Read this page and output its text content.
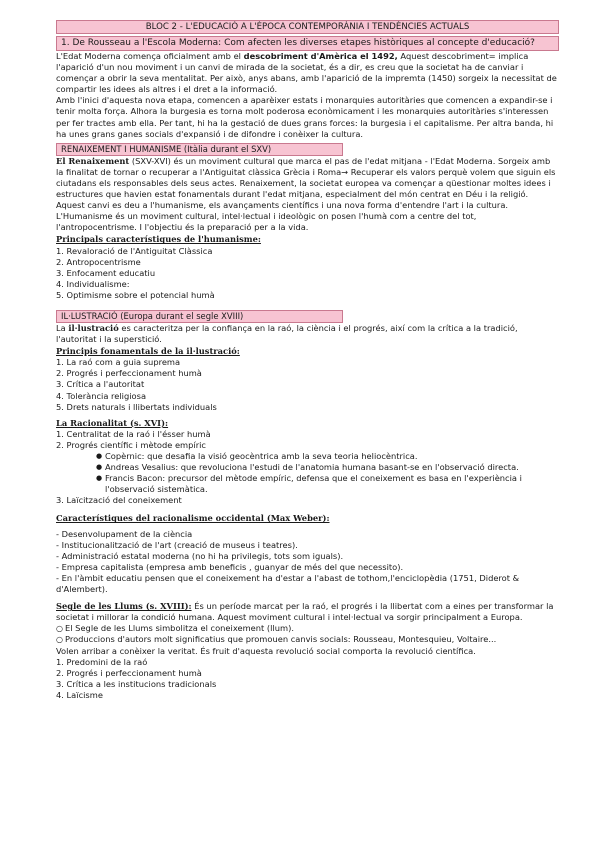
BLOC 2 - L'EDUCACIÓ A L'ÈPOCA CONTEMPORÀNIA I TENDÈNCIES ACTUALS
1. De Rousseau a l'Escola Moderna: Com afecten les diverses etapes històriques al concepte d'educació?

L'Edat Moderna comença oficialment amb el descobriment d'Amèrica el 1492, Aquest descobriment= implica l'aparició d'un nou moviment i un canvi de mirada de la societat, és a dir, es creu que la societat ha de canviar i començar a obrir la seva mentalitat. Per això, anys abans, amb l'aparició de la impremta (1450) sorgeix la necessitat de compartir les idees als altres i el dret a la informació.

Amb l'inici d'aquesta nova etapa, comencen a aparèixer estats i monarquies autoritàries que comencen a expandir-se i tenir molta força. Alhora la burgesia es torna molt poderosa econòmicament i les monarquies autoritàries s'interessen per fer tractes amb ella. Per tant, hi ha la gestació de dues grans forces: la burgesia i el capitalisme. Per altra banda, hi ha unes grans ganes socials d'expansió i de difondre i conèixer la cultura.

RENAIXEMENT I HUMANISME (Itàlia durant el SXV)

El Renaixement (SXV-XVI) és un moviment cultural que marca el pas de l'edat mitjana - l'Edat Moderna. Sorgeix amb la finalitat de tornar o recuperar a l'Antiguitat clàssica Grècia i Roma→ Recuperar els valors perquè volem que siguin els ciutadans els responsables dels seus actes. Renaixement, la societat europea va començar a qüestionar moltes idees i estructures que havien estat fonamentals durant l'edat mitjana, especialment del món centrat en Déu i la religió. Aquest canvi es deu a l'humanisme, els avançaments científics i una nova forma d'entendre l'art i la cultura. L'Humanisme és un moviment cultural, intel·lectual i ideològic on posen l'humà com a centre del tot, l'antropocentrisme. I l'objectiu és la preparació per a la vida.

Principals característiques de l'humanisme:

1. Revaloració de l'Antiguitat Clàssica
2. Antropocentrisme
3. Enfocament educatiu
4. Individualisme:
5. Optimisme sobre el potencial humà
IL·LUSTRACIÓ (Europa durant el segle XVIII)

La il·lustració es caracteritza per la confiança en la raó, la ciència i el progrés, així com la crítica a la tradició, l'autoritat i la superstició.

Principis fonamentals de la il·lustració:

1. La raó com a guia suprema
2. Progrés i perfeccionament humà
3. Crítica a l'autoritat
4. Tolerància religiosa
5. Drets naturals i llibertats individuals

La Racionalitat (s. XVI):

1. Centralitat de la raó i l'ésser humà
2. Progrés científic i mètode empíric
● Copèrnic: que desafia la visió geocèntrica amb la seva teoria heliocèntrica.
● Andreas Vesalius: que revoluciona l'estudi de l'anatomia humana basant-se en l'observació directa.
● Francis Bacon: precursor del mètode empíric, defensa que el coneixement es basa en l'experiència i l'observació sistemàtica.

3. Laïcització del coneixement

Característiques del racionalisme occidental (Max Weber):

- Desenvolupament de la ciència
- Institucionalització de l'art (creació de museus i teatres).
- Administració estatal moderna (no hi ha privilegis, tots som iguals).
- Empresa capitalista (empresa amb beneficis , guanyar de més del que necessito).
- En l'àmbit educatiu pensen que el coneixement ha d'estar a l'abast de tothom,l'enciclopèdia (1751, Diderot & d'Alembert).

Segle de les Llums (s. XVIII): És un període marcat per la raó, el progrés i la llibertat com a eines per transformar la societat i millorar la condició humana. Aquest moviment cultural i intel·lectual va sorgir principalment a Europa.

○ El Segle de les Llums simbolitza el coneixement (llum).
○ Produccions d'autors molt significatius que promouen canvis socials: Rousseau, Montesquieu, Voltaire...

Volen arribar a conèixer la veritat. És fruit d'aquesta revolució social comporta la revolució científica.

1. Predomini de la raó
2. Progrés i perfeccionament humà
3. Crítica a les institucions tradicionals
4. Laïcisme
